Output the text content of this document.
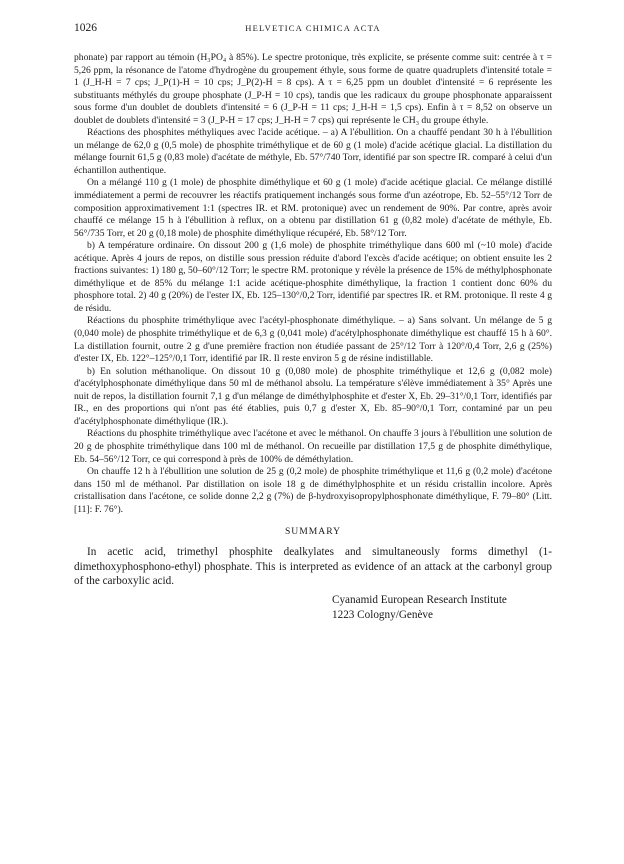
1026	HELVETICA CHIMICA ACTA

phonate) par rapport au témoin (H₃PO₄ à 85%). Le spectre protonique, très explicite, se présente comme suit: centrée à τ = 5,26 ppm, la résonance de l'atome d'hydrogène du groupement éthyle, sous forme de quatre quadruplets d'intensité totale = 1 (J_H-H = 7 cps; J_P(1)-H = 10 cps; J_P(2)-H = 8 cps). A τ = 6,25 ppm un doublet d'intensité = 6 représente les substituants méthylés du groupe phosphate (J_P-H = 10 cps), tandis que les radicaux du groupe phosphonate apparaissent sous forme d'un doublet de doublets d'intensité = 6 (J_P-H = 11 cps; J_H-H = 1,5 cps). Enfin à τ = 8,52 on observe un doublet de doublets d'intensité = 3 (J_P-H = 17 cps; J_H-H = 7 cps) qui représente le CH₃ du groupe éthyle.

Réactions des phosphites méthyliques avec l'acide acétique. – a) A l'ébullition. On a chauffé pendant 30 h à l'ébullition un mélange de 62,0 g (0,5 mole) de phosphite triméthylique et de 60 g (1 mole) d'acide acétique glacial. La distillation du mélange fournit 61,5 g (0,83 mole) d'acétate de méthyle, Eb. 57°/740 Torr, identifié par son spectre IR. comparé à celui d'un échantillon authentique.

On a mélangé 110 g (1 mole) de phosphite diméthylique et 60 g (1 mole) d'acide acétique glacial. Ce mélange distillé immédiatement a permi de recouvrer les réactifs pratiquement inchangés sous forme d'un azéotrope, Eb. 52–55°/12 Torr de composition approximativement 1:1 (spectres IR. et RM. protonique) avec un rendement de 90%. Par contre, après avoir chauffé ce mélange 15 h à l'ébullition à reflux, on a obtenu par distillation 61 g (0,82 mole) d'acétate de méthyle, Eb. 56°/735 Torr, et 20 g (0,18 mole) de phosphite diméthylique récupéré, Eb. 58°/12 Torr.

b) A température ordinaire. On dissout 200 g (1,6 mole) de phosphite triméthylique dans 600 ml (~10 mole) d'acide acétique. Après 4 jours de repos, on distille sous pression réduite d'abord l'excès d'acide acétique; on obtient ensuite les 2 fractions suivantes: 1) 180 g, 50–60°/12 Torr; le spectre RM. protonique y révèle la présence de 15% de méthylphosphonate diméthylique et de 85% du mélange 1:1 acide acétique-phosphite diméthylique, la fraction 1 contient donc 60% du phosphore total. 2) 40 g (20%) de l'ester IX, Eb. 125–130°/0,2 Torr, identifié par spectres IR. et RM. protonique. Il reste 4 g de résidu.

Réactions du phosphite triméthylique avec l'acétyl-phosphonate diméthylique. – a) Sans solvant. Un mélange de 5 g (0,040 mole) de phosphite triméthylique et de 6,3 g (0,041 mole) d'acétylphosphonate diméthylique est chauffé 15 h à 60°. La distillation fournit, outre 2 g d'une première fraction non étudiée passant de 25°/12 Torr à 120°/0,4 Torr, 2,6 g (25%) d'ester IX, Eb. 122°–125°/0,1 Torr, identifié par IR. Il reste environ 5 g de résine indistillable.

b) En solution méthanolique. On dissout 10 g (0,080 mole) de phosphite triméthylique et 12,6 g (0,082 mole) d'acétylphosphonate diméthylique dans 50 ml de méthanol absolu. La température s'élève immédiatement à 35° Après une nuit de repos, la distillation fournit 7,1 g d'un mélange de diméthylphosphite et d'ester X, Eb. 29–31°/0,1 Torr, identifiés par IR., en des proportions qui n'ont pas été établies, puis 0,7 g d'ester X, Eb. 85–90°/0,1 Torr, contaminé par un peu d'acétylphosphonate diméthylique (IR.).

Réactions du phosphite triméthylique avec l'acétone et avec le méthanol. On chauffe 3 jours à l'ébullition une solution de 20 g de phosphite triméthylique dans 100 ml de méthanol. On recueille par distillation 17,5 g de phosphite diméthylique, Eb. 54–56°/12 Torr, ce qui correspond à près de 100% de déméthylation.

On chauffe 12 h à l'ébullition une solution de 25 g (0,2 mole) de phosphite triméthylique et 11,6 g (0,2 mole) d'acétone dans 150 ml de méthanol. Par distillation on isole 18 g de diméthylphosphite et un résidu cristallin incolore. Après cristallisation dans l'acétone, ce solide donne 2,2 g (7%) de β-hydroxyisopropylphosphonate diméthylique, F. 79–80° (Litt. [11]: F. 76°).

SUMMARY
In acetic acid, trimethyl phosphite dealkylates and simultaneously forms dimethyl (1-dimethoxyphosphono-ethyl) phosphate. This is interpreted as evidence of an attack at the carbonyl group of the carboxylic acid.
Cyanamid European Research Institute
1223 Cologny/Genève
